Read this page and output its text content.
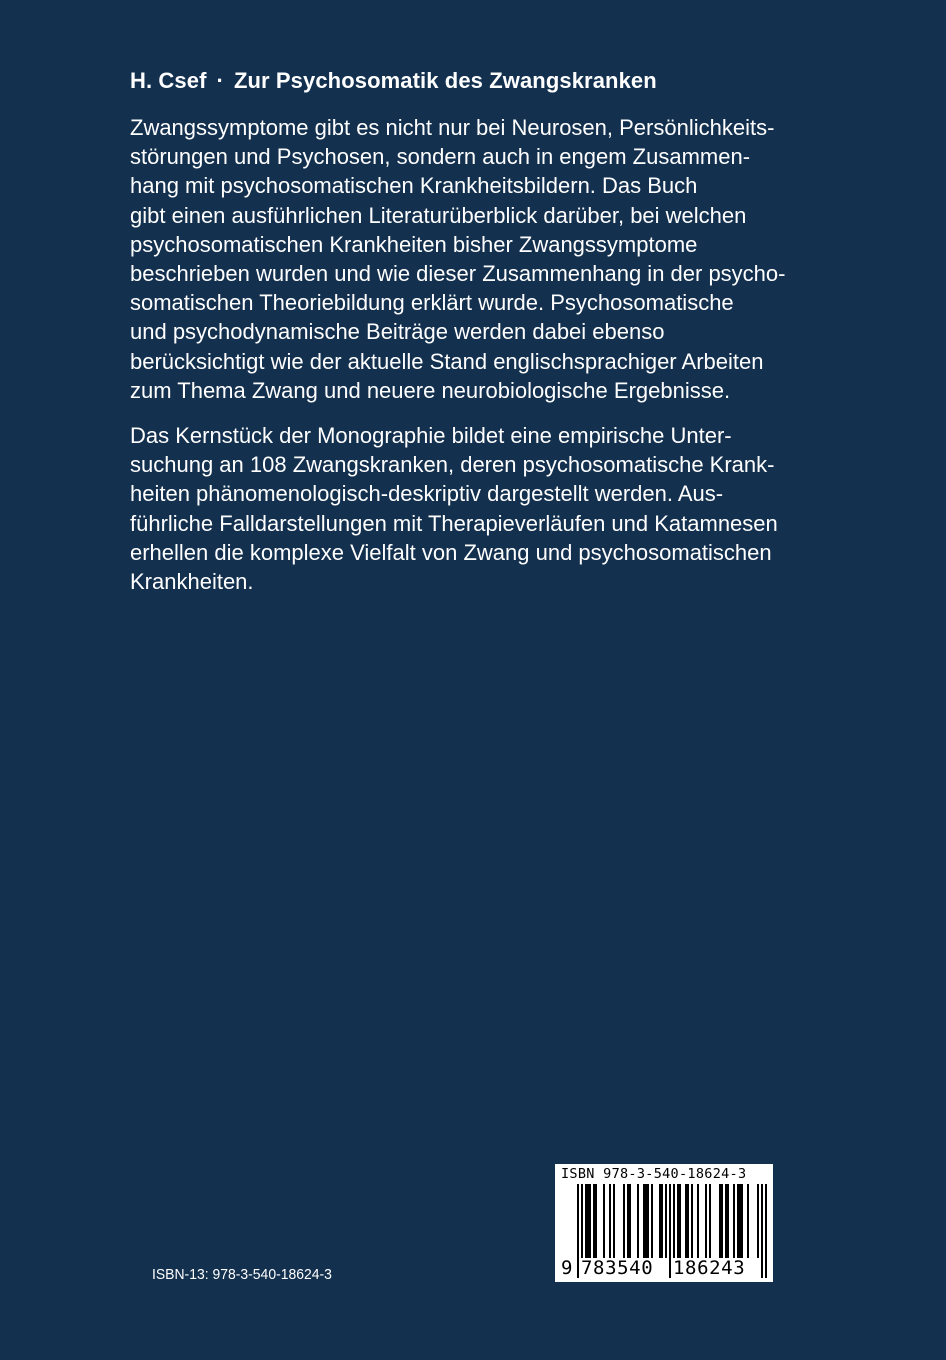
H. Csef · Zur Psychosomatik des Zwangskranken
Zwangssymptome gibt es nicht nur bei Neurosen, Persönlichkeits-
störungen und Psychosen, sondern auch in engem Zusammen-
hang mit psychosomatischen Krankheitsbildern. Das Buch
gibt einen ausführlichen Literaturüberblick darüber, bei welchen
psychosomatischen Krankheiten bisher Zwangssymptome
beschrieben wurden und wie dieser Zusammenhang in der psycho-
somatischen Theoriebildung erklärt wurde. Psychosomatische
und psychodynamische Beiträge werden dabei ebenso
berücksichtigt wie der aktuelle Stand englischsprachiger Arbeiten
zum Thema Zwang und neuere neurobiologische Ergebnisse.
Das Kernstück der Monographie bildet eine empirische Unter-
suchung an 108 Zwangskranken, deren psychosomatische Krank-
heiten phänomenologisch-deskriptiv dargestellt werden. Aus-
führliche Falldarstellungen mit Therapieverläufen und Katamnesen
erhellen die komplexe Vielfalt von Zwang und psychosomatischen
Krankheiten.
ISBN-13: 978-3-540-18624-3
ISBN 978-3-540-18624-3
9 783540 186243
